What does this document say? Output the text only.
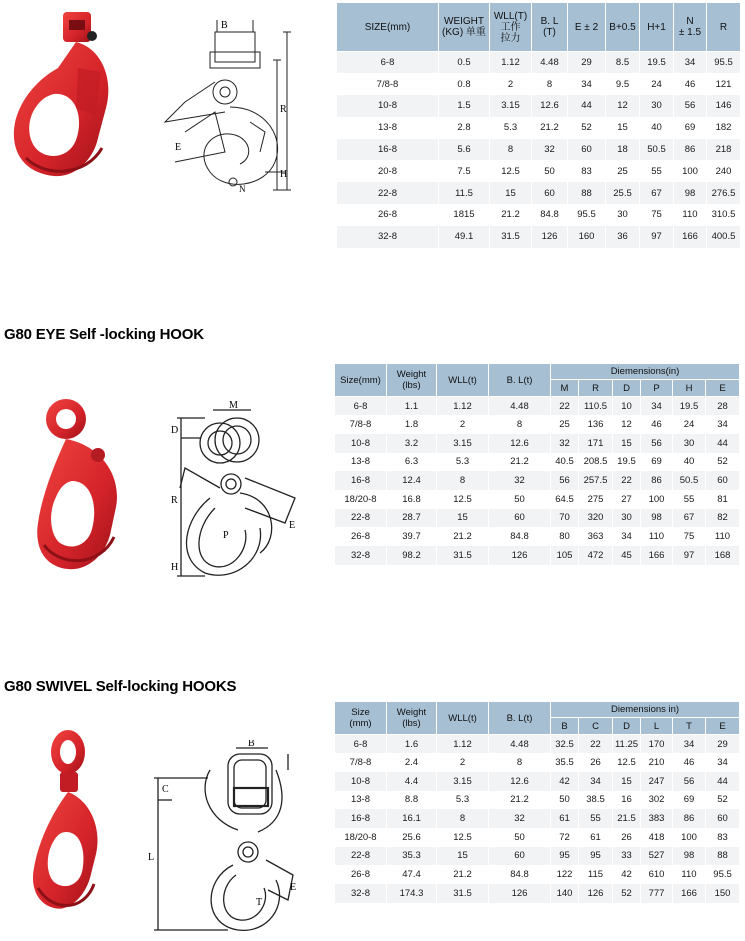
B
E
R
H
N
SIZE(mm)	WEIGHT
(KG) 单重	WLL(T)
工作
拉力	B. L
(T)	E ± 2	B+0.5	H+1	N
± 1.5	R
6-8	0.5	1.12	4.48	29	8.5	19.5	34	95.5
7/8-8	0.8	2	8	34	9.5	24	46	121
10-8	1.5	3.15	12.6	44	12	30	56	146
13-8	2.8	5.3	21.2	52	15	40	69	182
16-8	5.6	8	32	60	18	50.5	86	218
20-8	7.5	12.5	50	83	25	55	100	240
22-8	11.5	15	60	88	25.5	67	98	276.5
26-8	1815	21.2	84.8	95.5	30	75	110	310.5
32-8	49.1	31.5	126	160	36	97	166	400.5
G80 EYE Self -locking HOOK
M
D
R
H
E
P
Size(mm)	Weight
(lbs)	WLL(t)	B. L(t)	Diemensions(in)					
				M	R	D	P	H	E
6-8	1.1	1.12	4.48	22	110.5	10	34	19.5	28
7/8-8	1.8	2	8	25	136	12	46	24	34
10-8	3.2	3.15	12.6	32	171	15	56	30	44
13-8	6.3	5.3	21.2	40.5	208.5	19.5	69	40	52
16-8	12.4	8	32	56	257.5	22	86	50.5	60
18/20-8	16.8	12.5	50	64.5	275	27	100	55	81
22-8	28.7	15	60	70	320	30	98	67	82
26-8	39.7	21.2	84.8	80	363	34	110	75	110
32-8	98.2	31.5	126	105	472	45	166	97	168
G80 SWIVEL Self-locking HOOKS
B
C
L
E
T
Size
(mm)	Weight
(lbs)	WLL(t)	B. L(t)	Diemensions in)					
				B	C	D	L	T	E
6-8	1.6	1.12	4.48	32.5	22	11.25	170	34	29
7/8-8	2.4	2	8	35.5	26	12.5	210	46	34
10-8	4.4	3.15	12.6	42	34	15	247	56	44
13-8	8.8	5.3	21.2	50	38.5	16	302	69	52
16-8	16.1	8	32	61	55	21.5	383	86	60
18/20-8	25.6	12.5	50	72	61	26	418	100	83
22-8	35.3	15	60	95	95	33	527	98	88
26-8	47.4	21.2	84.8	122	115	42	610	110	95.5
32-8	174.3	31.5	126	140	126	52	777	166	150
